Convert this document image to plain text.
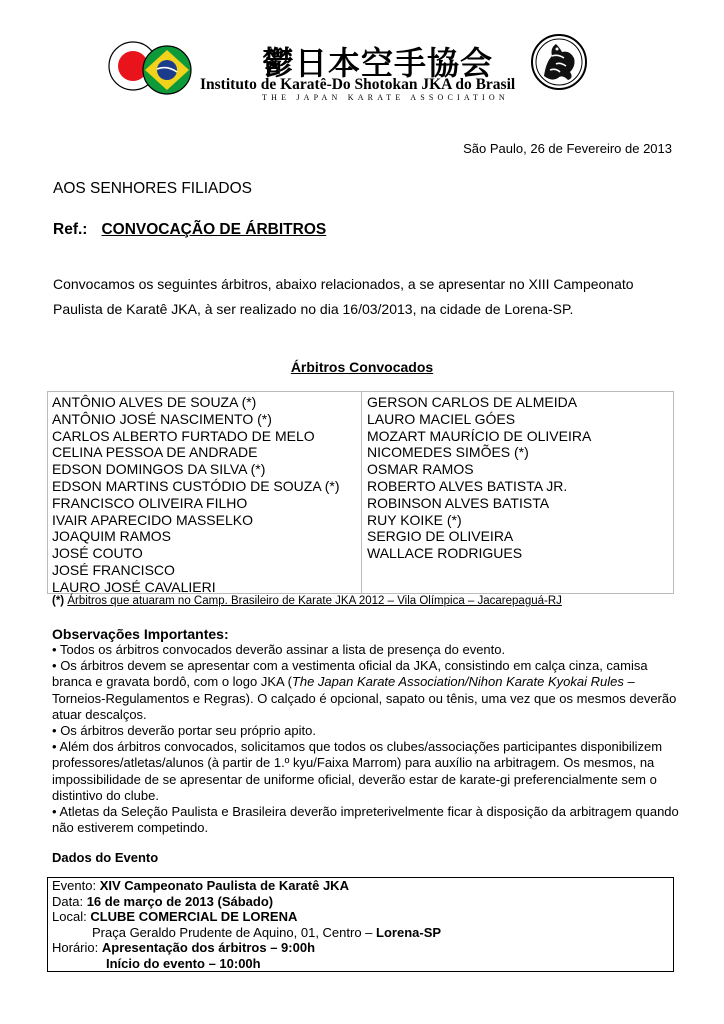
鬱日本空手協会
Instituto de Karatê-Do Shotokan JKA do Brasil
THE JAPAN KARATE ASSOCIATION
São Paulo, 26 de Fevereiro de 2013
AOS SENHORES FILIADOS
Ref.: CONVOCAÇÃO DE ÁRBITROS
Convocamos os seguintes árbitros, abaixo relacionados, a se apresentar no XIII Campeonato Paulista de Karatê JKA, à ser realizado no dia 16/03/2013, na cidade de Lorena-SP.
Árbitros Convocados
ANTÔNIO ALVES DE SOUZA (*)
ANTÔNIO JOSÉ NASCIMENTO (*)
CARLOS ALBERTO FURTADO DE MELO
CELINA PESSOA DE ANDRADE
EDSON DOMINGOS DA SILVA (*)
EDSON MARTINS CUSTÓDIO DE SOUZA (*)
FRANCISCO OLIVEIRA FILHO
IVAIR APARECIDO MASSELKO
JOAQUIM RAMOS
JOSÉ COUTO
JOSÉ FRANCISCO
LAURO JOSÉ CAVALIERI
GERSON CARLOS DE ALMEIDA
LAURO MACIEL GÓES
MOZART MAURÍCIO DE OLIVEIRA
NICOMEDES SIMÕES (*)
OSMAR RAMOS
ROBERTO ALVES BATISTA JR.
ROBINSON ALVES BATISTA
RUY KOIKE (*)
SERGIO DE OLIVEIRA
WALLACE RODRIGUES
(*) Árbitros que atuaram no Camp. Brasileiro de Karate JKA 2012 – Vila Olímpica – Jacarepaguá-RJ
Observações Importantes:

• Todos os árbitros convocados deverão assinar a lista de presença do evento.

• Os árbitros devem se apresentar com a vestimenta oficial da JKA, consistindo em calça cinza, camisa branca e gravata bordô, com o logo JKA (The Japan Karate Association/Nihon Karate Kyokai Rules – Torneios-Regulamentos e Regras). O calçado é opcional, sapato ou tênis, uma vez que os mesmos deverão atuar descalços.

• Os árbitros deverão portar seu próprio apito.

• Além dos árbitros convocados, solicitamos que todos os clubes/associações participantes disponibilizem professores/atletas/alunos (à partir de 1.º kyu/Faixa Marrom) para auxílio na arbitragem. Os mesmos, na impossibilidade de se apresentar de uniforme oficial, deverão estar de karate-gi preferencialmente sem o distintivo do clube.

• Atletas da Seleção Paulista e Brasileira deverão impreterivelmente ficar à disposição da arbitragem quando não estiverem competindo.

Dados do Evento
Evento: XIV Campeonato Paulista de Karatê JKA
Data: 16 de março de 2013 (Sábado)
Local: CLUBE COMERCIAL DE LORENA
Praça Geraldo Prudente de Aquino, 01, Centro – Lorena-SP
Horário: Apresentação dos árbitros – 9:00h
Início do evento – 10:00h
